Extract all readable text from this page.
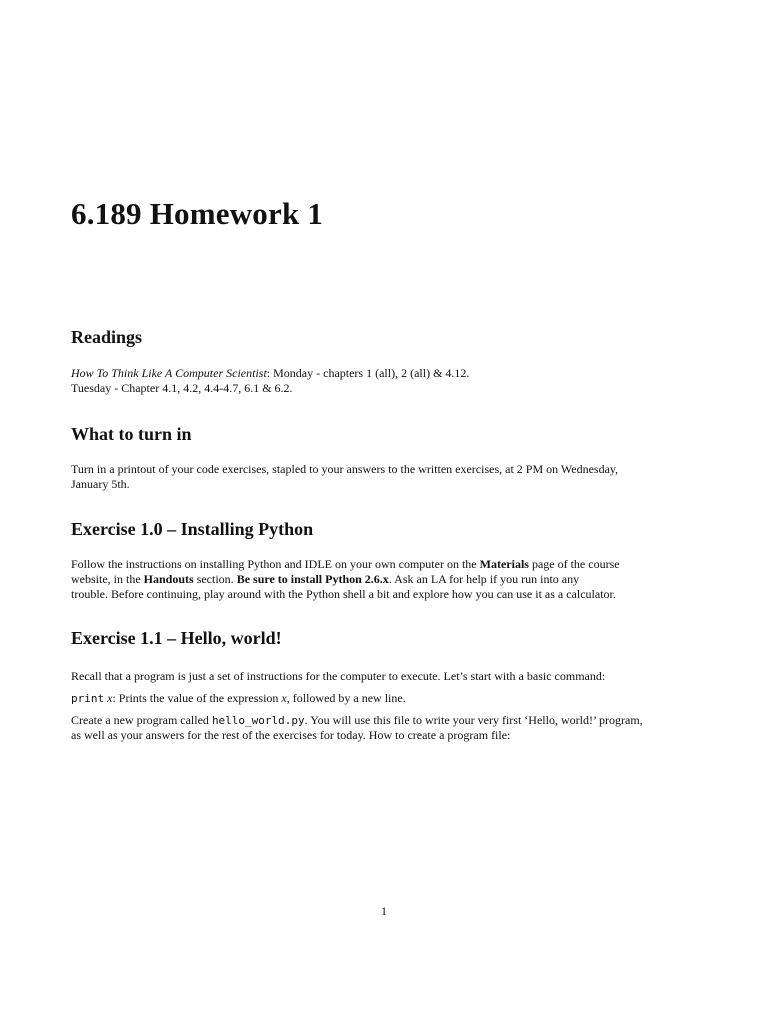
6.189 Homework 1
Readings
How To Think Like A Computer Scientist: Monday - chapters 1 (all), 2 (all) & 4.12.
Tuesday - Chapter 4.1, 4.2, 4.4-4.7, 6.1 & 6.2.
What to turn in
Turn in a printout of your code exercises, stapled to your answers to the written exercises, at 2 PM on Wednesday,
January 5th.
Exercise 1.0 – Installing Python
Follow the instructions on installing Python and IDLE on your own computer on the Materials page of the course
website, in the Handouts section. Be sure to install Python 2.6.x. Ask an LA for help if you run into any
trouble. Before continuing, play around with the Python shell a bit and explore how you can use it as a calculator.
Exercise 1.1 – Hello, world!
Recall that a program is just a set of instructions for the computer to execute. Let’s start with a basic command:
print x: Prints the value of the expression x, followed by a new line.
Create a new program called hello_world.py. You will use this file to write your very first ‘Hello, world!’ program,
as well as your answers for the rest of the exercises for today. How to create a program file:
1
